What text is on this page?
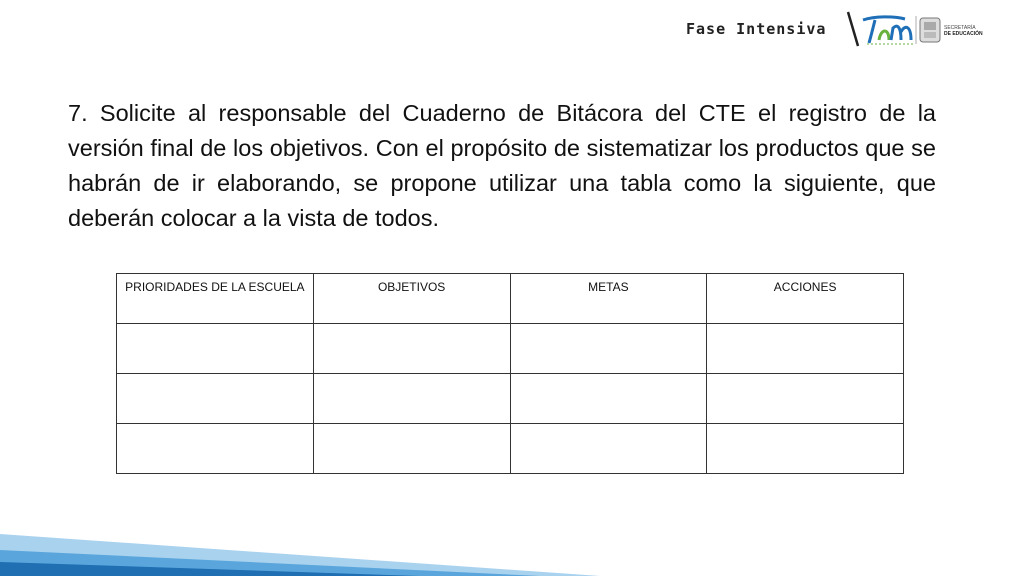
Fase Intensiva	SECRETARÍA
DE EDUCACIÓN

7. Solicite al responsable del Cuaderno de Bitácora del CTE el registro de la versión final de los objetivos. Con el propósito de sistematizar los productos que se habrán de ir elaborando, se propone utilizar una tabla como la siguiente, que deberán colocar a la vista de todos.

PRIORIDADES DE LA ESCUELA	OBJETIVOS	METAS	ACCIONES
